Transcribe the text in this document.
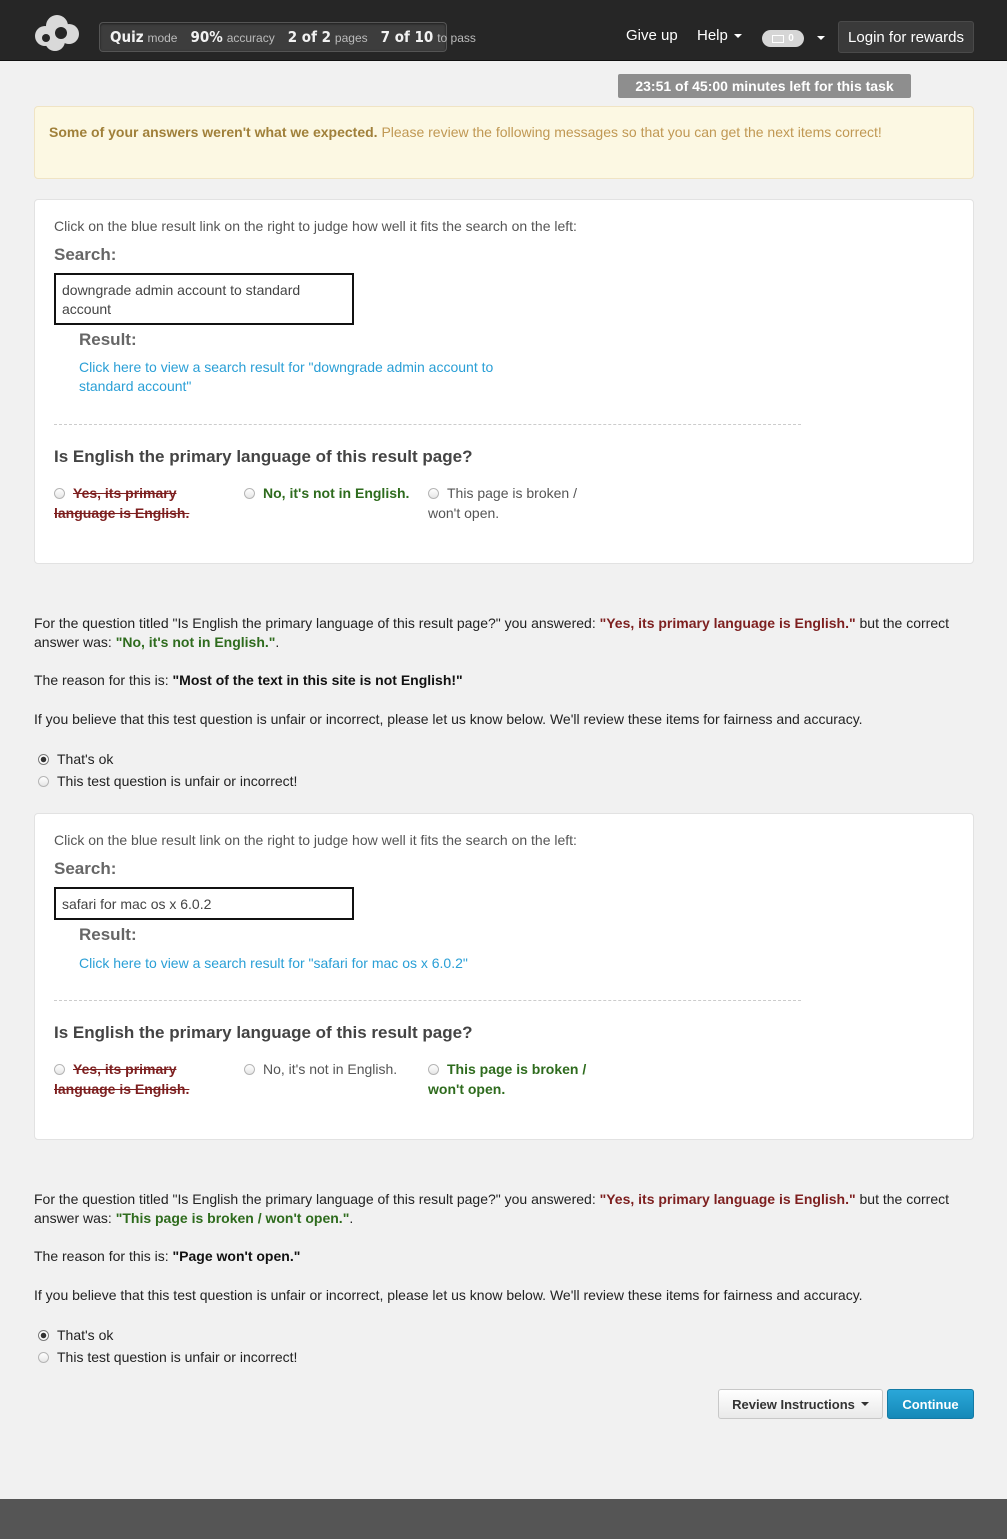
Quiz mode 90% accuracy 2 of 2 pages 7 of 10 to pass	Give up Help	0	Login for rewards
23:51 of 45:00 minutes left for this task
Some of your answers weren't what we expected. Please review the following messages so that you can get the next items correct!
Click on the blue result link on the right to judge how well it fits the search on the left:
Search:
downgrade admin account to standard account
Result:
Click here to view a search result for "downgrade admin account to standard account"
Is English the primary language of this result page?
Yes, its primary language is English.
No, it's not in English.	This page is broken / won't open.
For the question titled "Is English the primary language of this result page?" you answered: "Yes, its primary language is English." but the correct answer was: "No, it's not in English.".
The reason for this is: "Most of the text in this site is not English!"
If you believe that this test question is unfair or incorrect, please let us know below. We'll review these items for fairness and accuracy.
That's ok
This test question is unfair or incorrect!
Click on the blue result link on the right to judge how well it fits the search on the left:
Search:
safari for mac os x 6.0.2
Result:
Click here to view a search result for "safari for mac os x 6.0.2"
Is English the primary language of this result page?
Yes, its primary language is English.
No, it's not in English.	This page is broken / won't open.
For the question titled "Is English the primary language of this result page?" you answered: "Yes, its primary language is English." but the correct answer was: "This page is broken / won't open.".
The reason for this is: "Page won't open."
If you believe that this test question is unfair or incorrect, please let us know below. We'll review these items for fairness and accuracy.
That's ok
This test question is unfair or incorrect!
Review Instructions	Continue
